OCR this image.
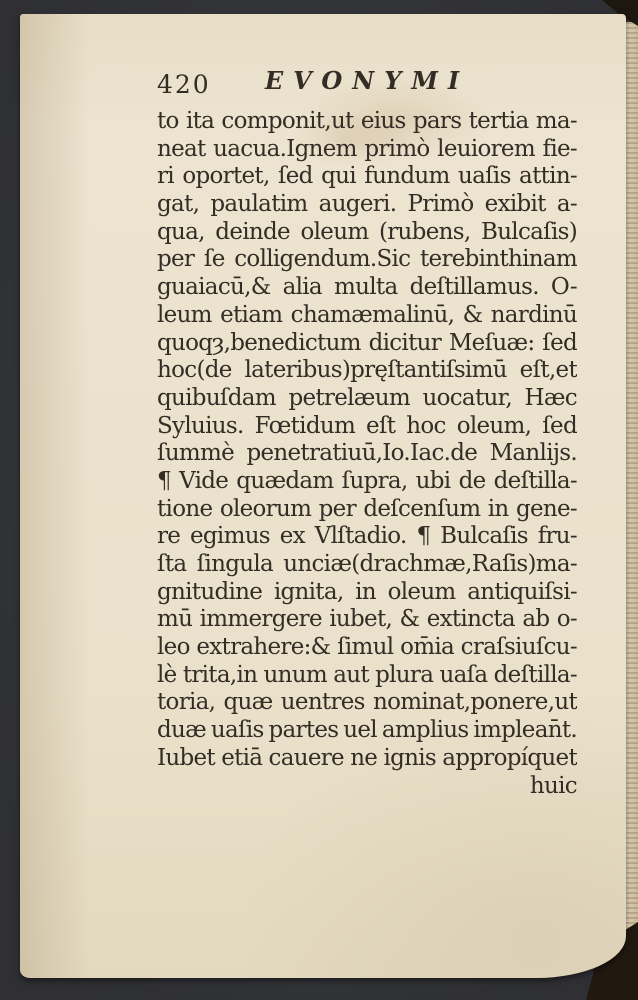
420	EVONYMI
to ita componit,ut eius pars tertia ma-
neat uacua.Ignem primò leuiorem fie-
ri oportet, ſed qui fundum uaſis attin-
gat, paulatim augeri. Primò exibit a-
qua, deinde oleum (rubens, Bulcaſis)
per ſe colligendum.Sic terebinthinam
guaiacū,& alia multa deſtillamus. O-
leum etiam chamæmalinū, & nardinū
quoqȝ,benedictum dicitur Meſuæ: ſed
hoc(de lateribus)pręſtantiſsimū eſt,et
quibuſdam petrelæum uocatur, Hæc
Syluius. Fœtidum eſt hoc oleum, ſed
ſummè penetratiuū,Io.Iac.de Manlijs.
¶ Vide quædam ſupra, ubi de deſtilla-
tione oleorum per deſcenſum in gene-
re egimus ex Vlſtadio. ¶ Bulcaſis fru-
ſta ſingula unciæ(drachmæ,Raſis)ma-
gnitudine ignita, in oleum antiquiſsi-
mū immergere iubet, & extincta ab o-
leo extrahere:& ſimul om̄ia craſsiuſcu-
lè trita,in unum aut plura uaſa deſtilla-
toria, quæ uentres nominat,ponere,ut
duæ uaſis partes uel amplius implean̄t.
Iubet etiā cauere ne ignis appropíquet
huic
